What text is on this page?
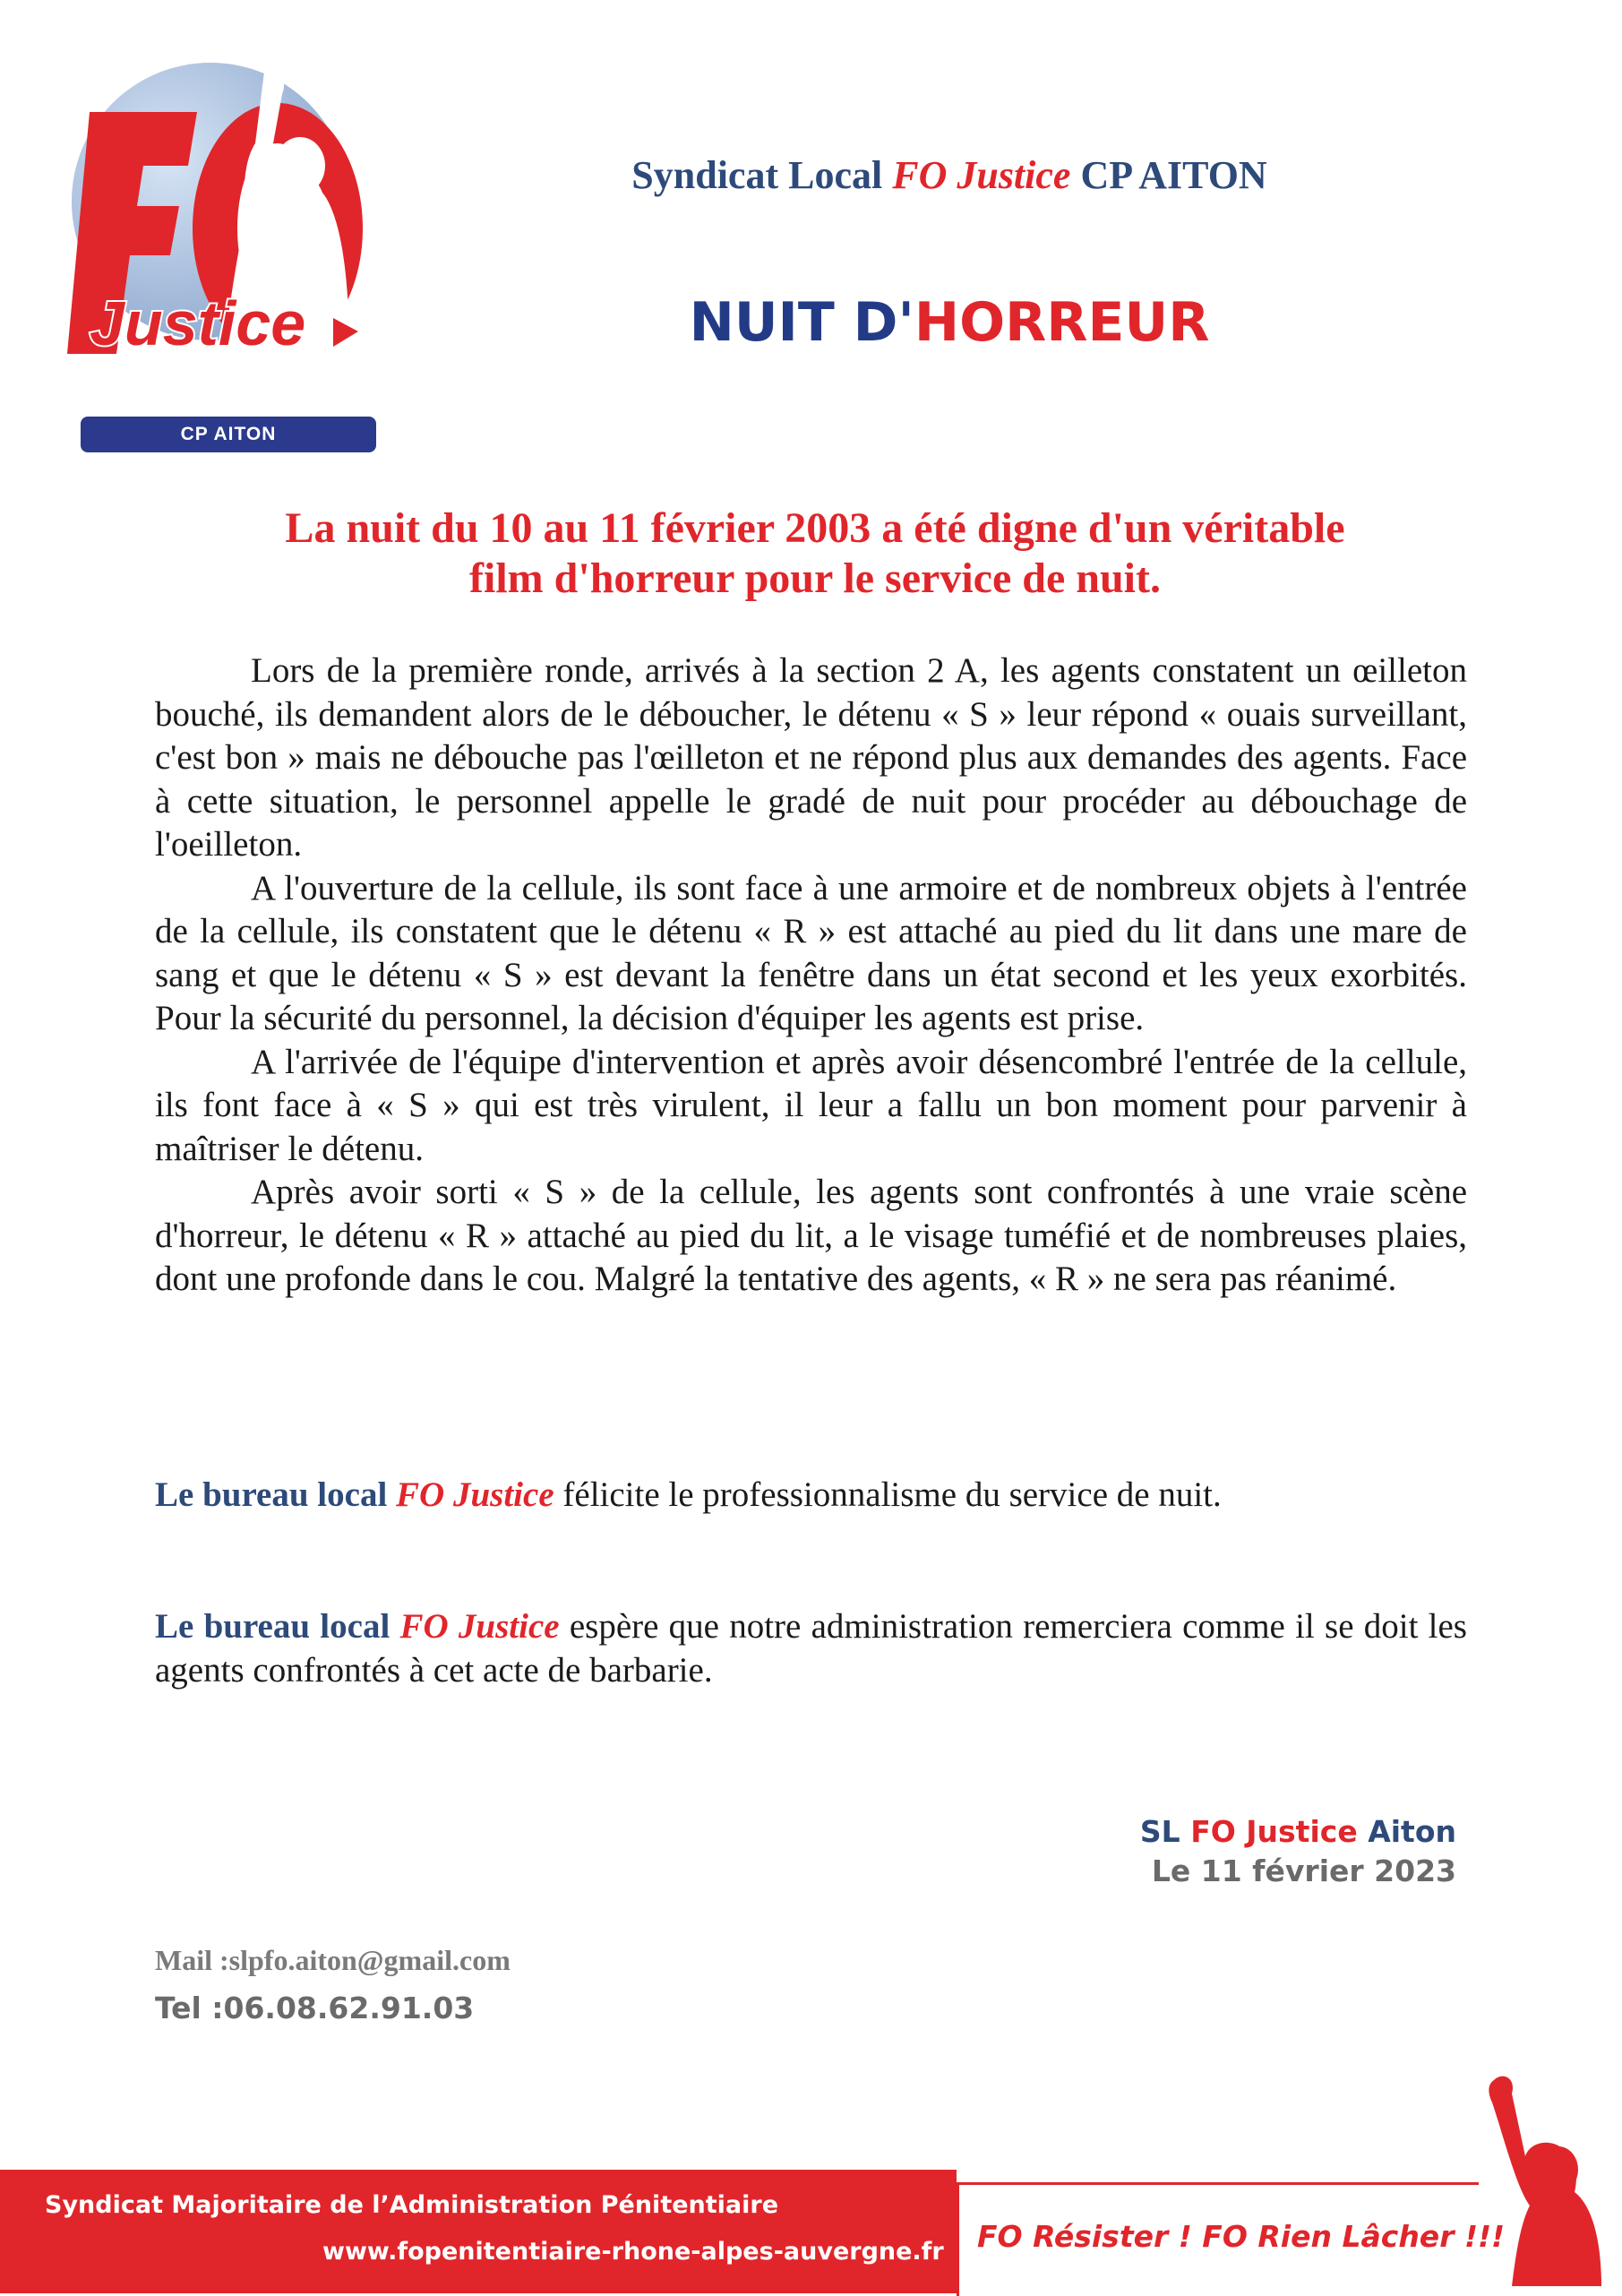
Justice
CP AITON
Syndicat Local FO Justice CP AITON
NUIT D'HORREUR
La nuit du 10 au 11 février 2003 a été digne d'un véritable
film d'horreur pour le service de nuit.

Lors de la première ronde, arrivés à la section 2 A, les agents constatent un œilleton bouché, ils demandent alors de le déboucher, le détenu « S » leur répond « ouais surveillant, c'est bon » mais ne débouche pas l'œilleton et ne répond plus aux demandes des agents. Face à cette situation, le personnel appelle le gradé de nuit pour procéder au débouchage de l'oeilleton.

A l'ouverture de la cellule, ils sont face à une armoire et de nombreux objets à l'entrée de la cellule, ils constatent que le détenu « R » est attaché au pied du lit dans une mare de sang et que le détenu « S » est devant la fenêtre dans un état second et les yeux exorbités. Pour la sécurité du personnel, la décision d'équiper les agents est prise.

A l'arrivée de l'équipe d'intervention et après avoir désencombré l'entrée de la cellule, ils font face à « S » qui est très virulent, il leur a fallu un bon moment pour parvenir à maîtriser le détenu.

Après avoir sorti « S » de la cellule, les agents sont confrontés à une vraie scène d'horreur, le détenu « R » attaché au pied du lit, a le visage tuméfié et de nombreuses plaies, dont une profonde dans le cou. Malgré la tentative des agents, « R » ne sera pas réanimé.

Le bureau local FO Justice félicite le professionnalisme du service de nuit.

Le bureau local FO Justice espère que notre administration remerciera comme il se doit les agents confrontés à cet acte de barbarie.

SL FO Justice Aiton
Le 11 février 2023
Mail :slpfo.aiton@gmail.com
Tel :06.08.62.91.03
Syndicat Majoritaire de l’Administration Pénitentiaire
www.fopenitentiaire-rhone-alpes-auvergne.fr FO Résister ! FO Rien Lâcher !!!
